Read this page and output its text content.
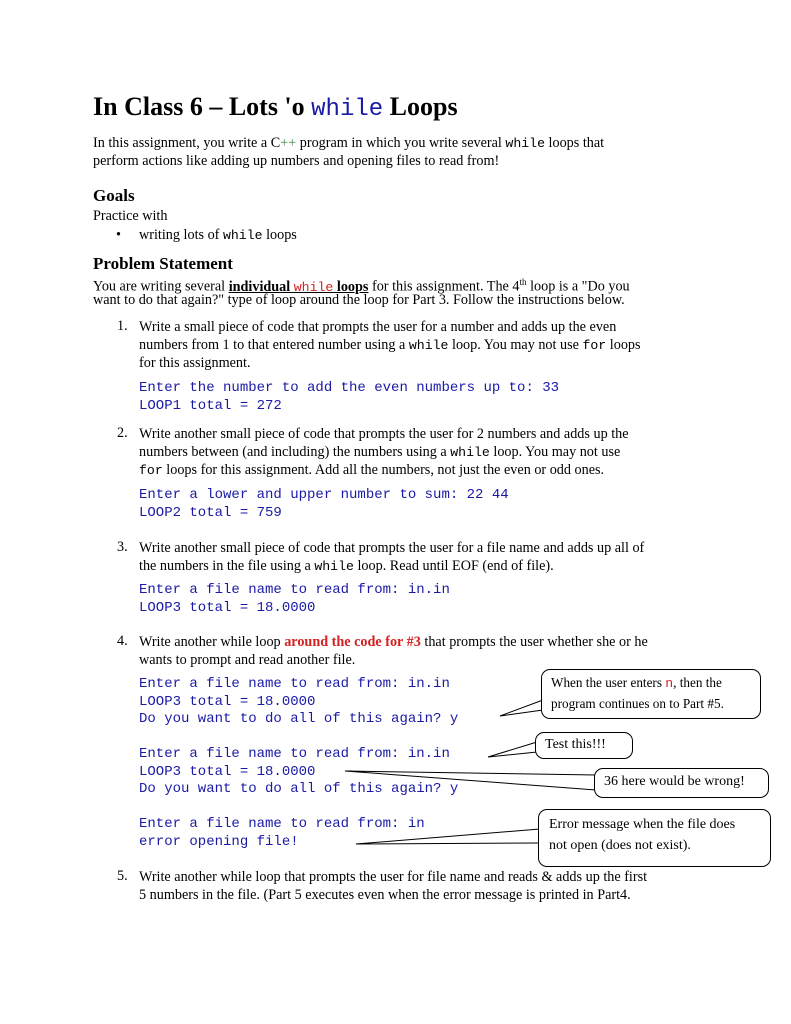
In Class 6 – Lots 'o while Loops
In this assignment, you write a C++ program in which you write several while loops that
perform actions like adding up numbers and opening files to read from!
Goals
Practice with
• writing lots of while loops
Problem Statement
You are writing several individual while loops for this assignment. The 4th loop is a "Do you
want to do that again?" type of loop around the loop for Part 3. Follow the instructions below.
1. Write a small piece of code that prompts the user for a number and adds up the even
numbers from 1 to that entered number using a while loop. You may not use for loops
for this assignment.
Enter the number to add the even numbers up to: 33
LOOP1 total = 272
2. Write another small piece of code that prompts the user for 2 numbers and adds up the
numbers between (and including) the numbers using a while loop. You may not use
for loops for this assignment. Add all the numbers, not just the even or odd ones.
Enter a lower and upper number to sum: 22 44
LOOP2 total = 759
3. Write another small piece of code that prompts the user for a file name and adds up all of
the numbers in the file using a while loop. Read until EOF (end of file).
Enter a file name to read from: in.in
LOOP3 total = 18.0000
4. Write another while loop around the code for #3 that prompts the user whether she or he
wants to prompt and read another file.
Enter a file name to read from: in.in
LOOP3 total = 18.0000
Do you want to do all of this again? y
Enter a file name to read from: in.in
LOOP3 total = 18.0000
Do you want to do all of this again? y
Enter a file name to read from: in
error opening file!
5. Write another while loop that prompts the user for file name and reads & adds up the first
5 numbers in the file. (Part 5 executes even when the error message is printed in Part4.
When the user enters n, then the
program continues on to Part #5.
Test this!!!
36 here would be wrong!
Error message when the file does
not open (does not exist).
